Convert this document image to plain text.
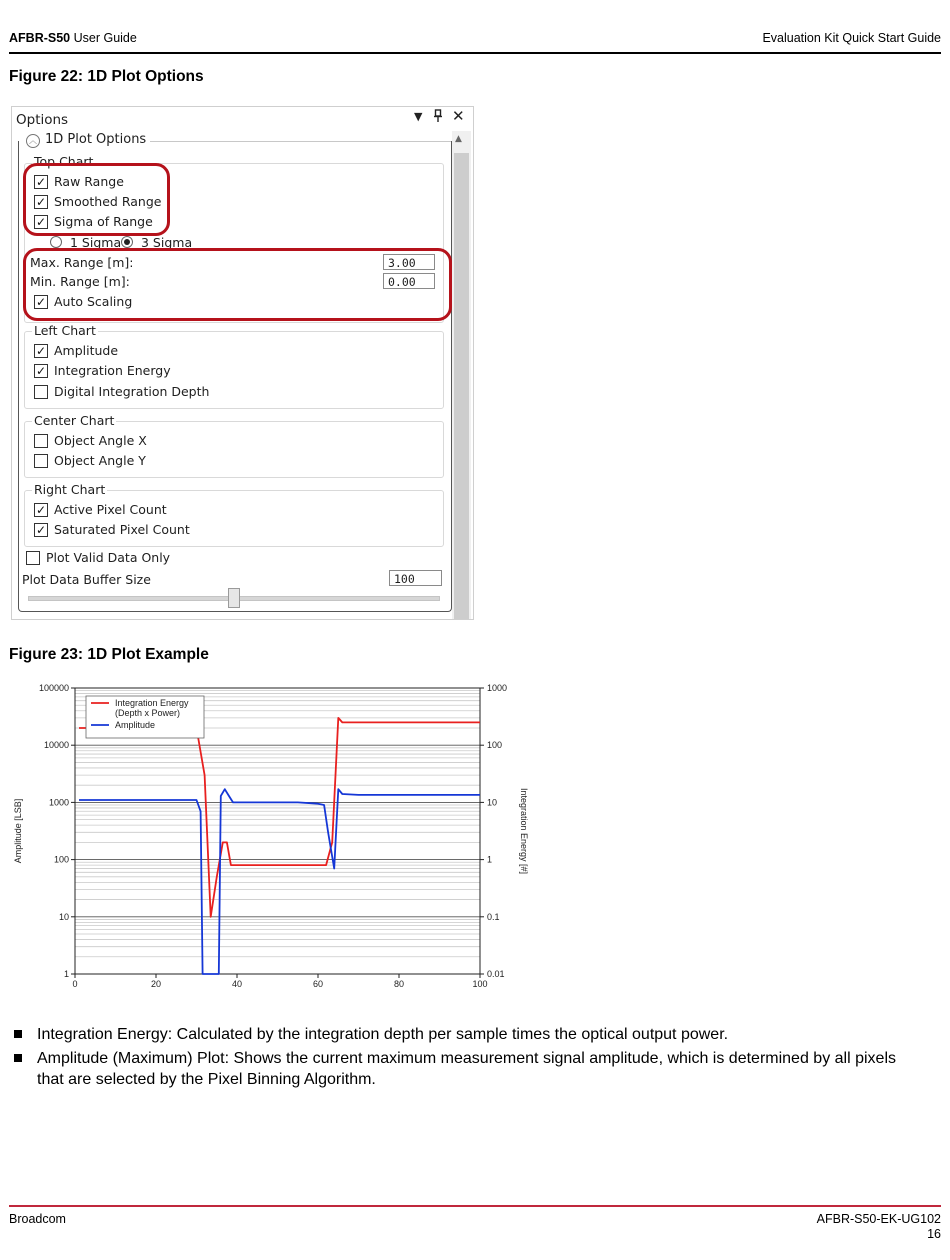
AFBR-S50 User Guide	Evaluation Kit Quick Start Guide
Figure 22: 1D Plot Options
Options	▼ ✕
▲
︿ 1D Plot Options
Top Chart
✓ Raw Range
✓ Smoothed Range
✓ Sigma of Range
1 Sigma 3 Sigma
Max. Range [m]:	3.00
Min. Range [m]:	0.00
✓ Auto Scaling
Left Chart
✓ Amplitude
✓ Integration Energy
Digital Integration Depth
Center Chart
Object Angle X
Object Angle Y
Right Chart
✓ Active Pixel Count
✓ Saturated Pixel Count
Plot Valid Data Only
Plot Data Buffer Size	100
Figure 23: 1D Plot Example
1
10
100
1000
10000
100000
0.01
0.1
1
10
100
1000
0	20	40	60	80	100
Amplitude [LSB]	Integration Energy [#]
Integration Energy
(Depth x Power)
Amplitude
Integration Energy: Calculated by the integration depth per sample times the optical output power.
Amplitude (Maximum) Plot: Shows the current maximum measurement signal amplitude, which is determined by all pixels that are selected by the Pixel Binning Algorithm.
Broadcom	AFBR-S50-EK-UG102
16
